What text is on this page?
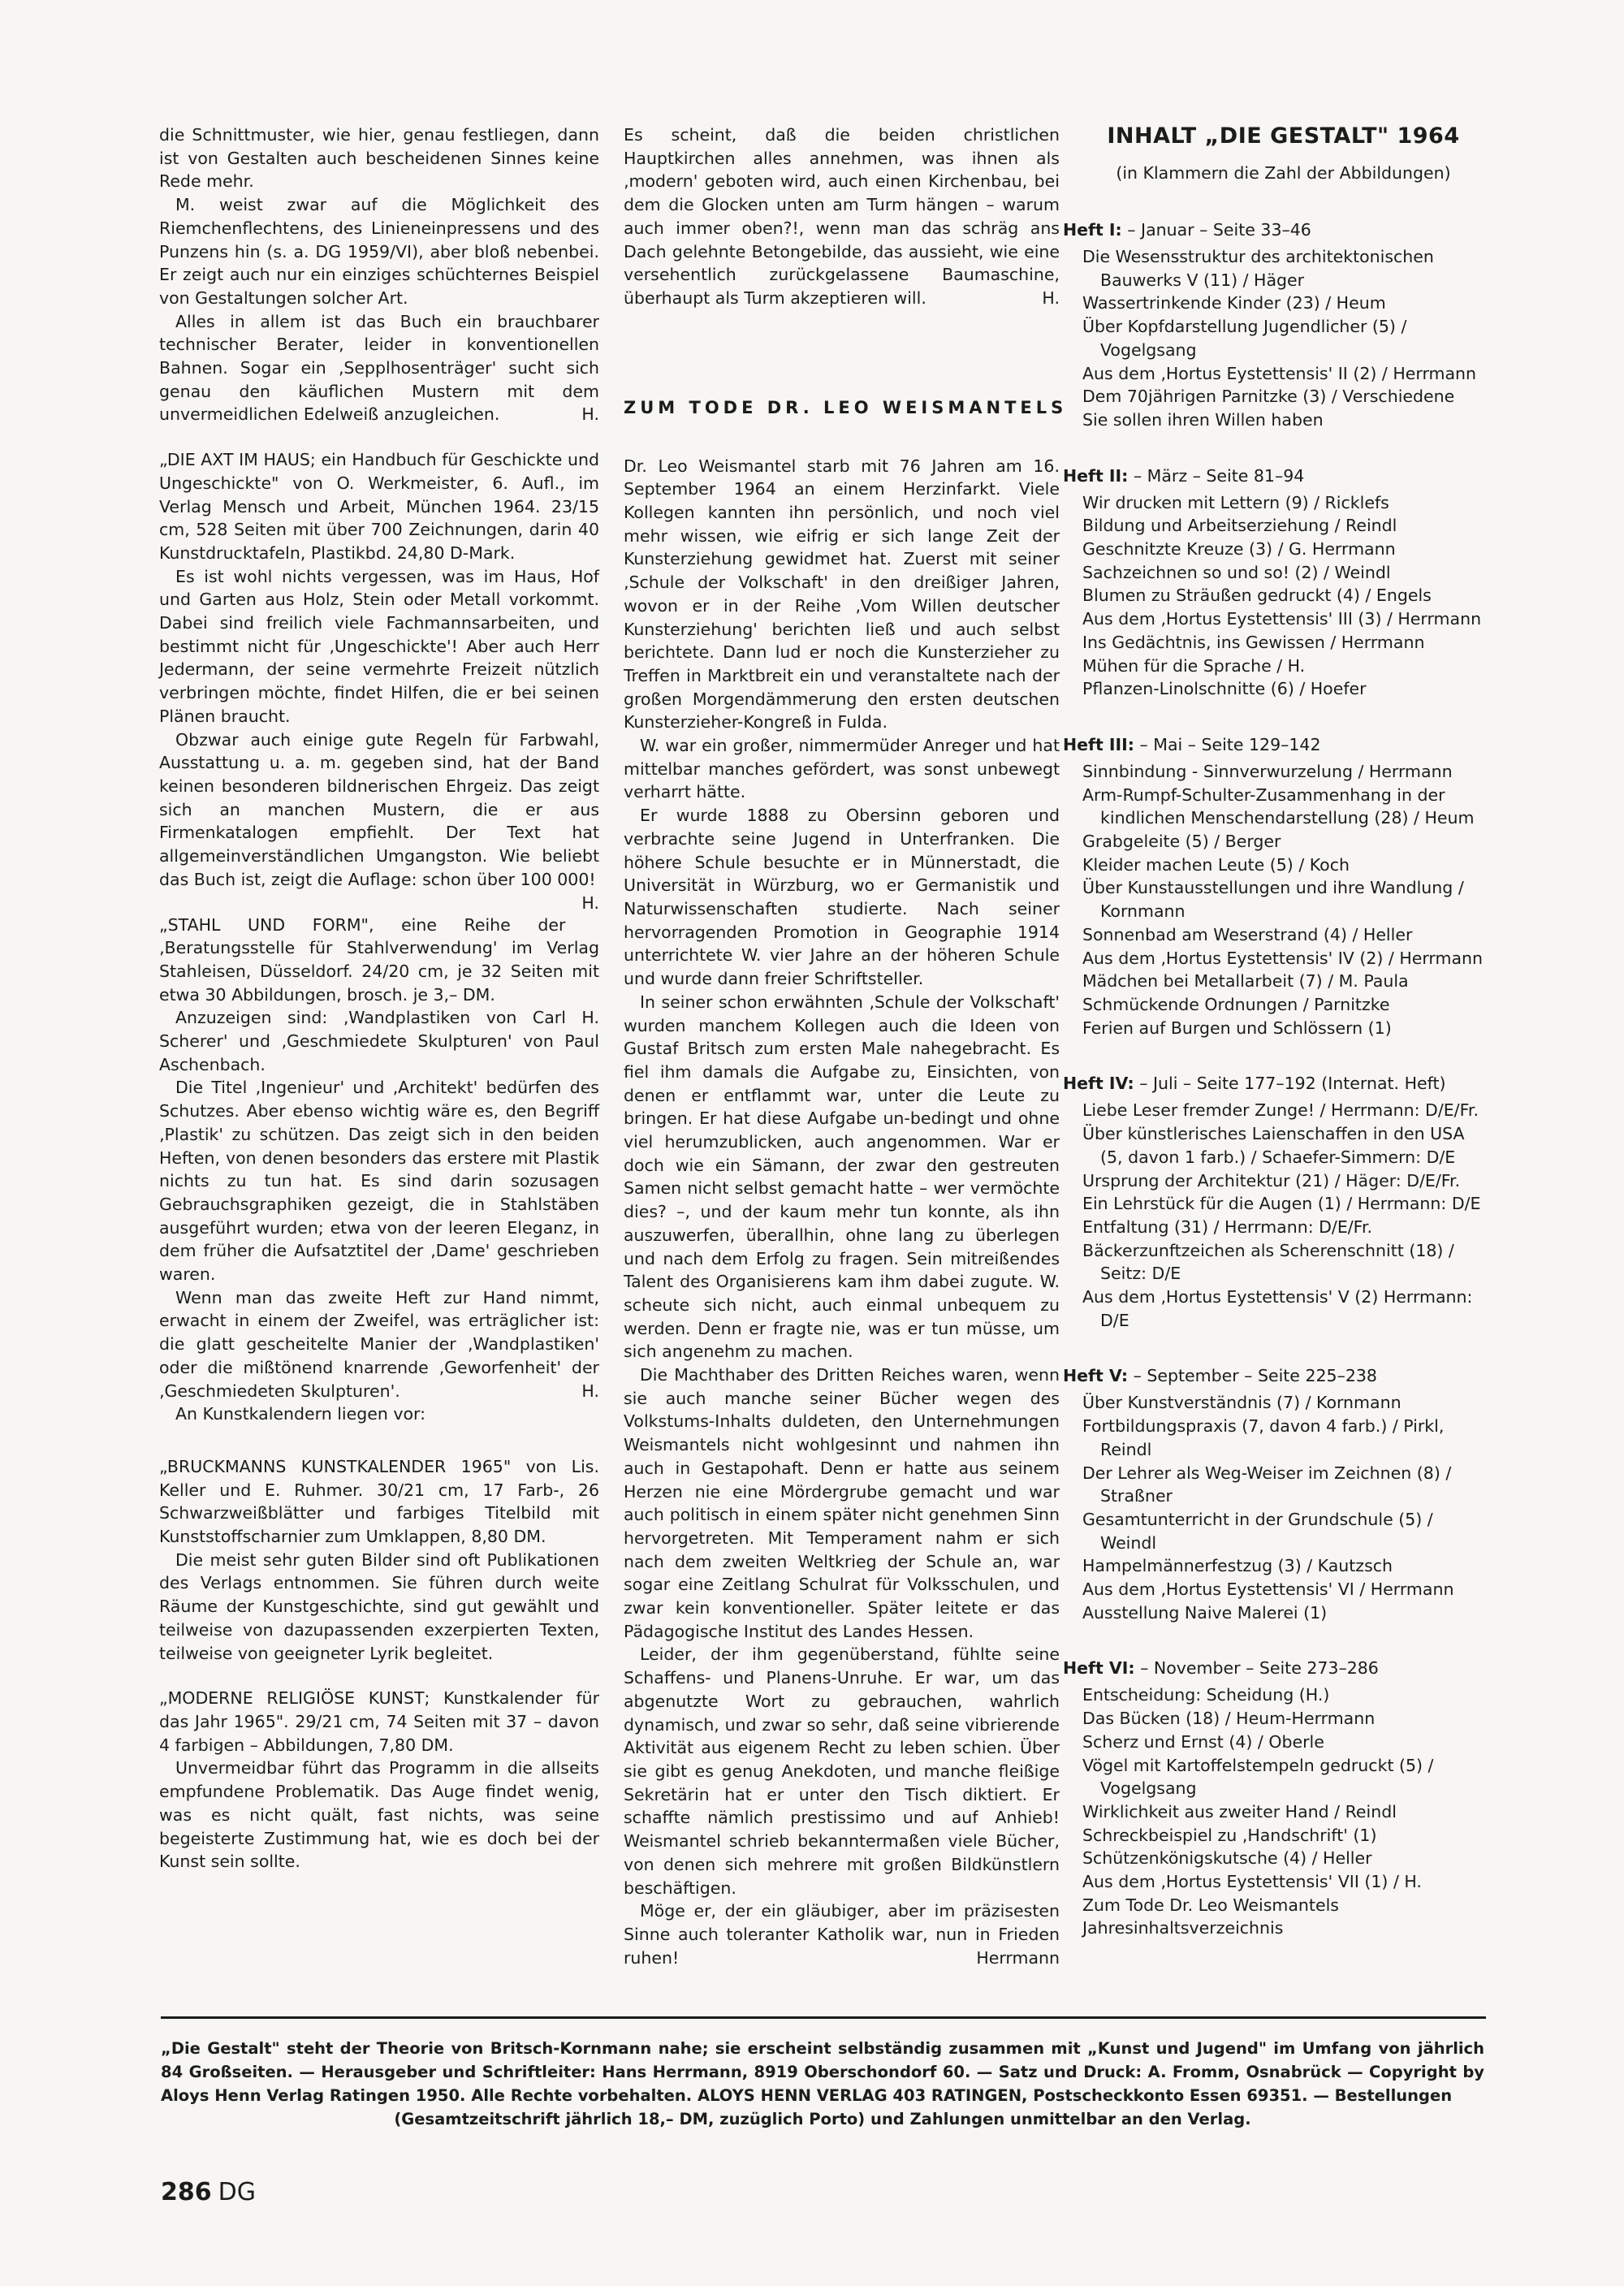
die Schnittmuster, wie hier, genau festliegen, dann ist von Gestalten auch bescheidenen Sinnes keine Rede mehr.

M. weist zwar auf die Möglichkeit des Riemchenflechtens, des Linieneinpressens und des Punzens hin (s. a. DG 1959/VI), aber bloß nebenbei. Er zeigt auch nur ein einziges schüchternes Beispiel von Gestaltungen solcher Art.

Alles in allem ist das Buch ein brauchbarer technischer Berater, leider in konventionellen Bahnen. Sogar ein ‚Sepplhosenträger' sucht sich genau den käuflichen Mustern mit dem unvermeidlichen Edelweiß anzugleichen.	H.

„DIE AXT IM HAUS; ein Handbuch für Geschickte und Ungeschickte" von O. Werkmeister, 6. Aufl., im Verlag Mensch und Arbeit, München 1964. 23/15 cm, 528 Seiten mit über 700 Zeichnungen, darin 40 Kunstdrucktafeln, Plastikbd. 24,80 D-Mark.

Es ist wohl nichts vergessen, was im Haus, Hof und Garten aus Holz, Stein oder Metall vorkommt. Dabei sind freilich viele Fachmannsarbeiten, und bestimmt nicht für ‚Ungeschickte'! Aber auch Herr Jedermann, der seine vermehrte Freizeit nützlich verbringen möchte, findet Hilfen, die er bei seinen Plänen braucht.

Obzwar auch einige gute Regeln für Farbwahl, Ausstattung u. a. m. gegeben sind, hat der Band keinen besonderen bildnerischen Ehrgeiz. Das zeigt sich an manchen Mustern, die er aus Firmenkatalogen empfiehlt. Der Text hat allgemeinverständlichen Umgangston. Wie beliebt das Buch ist, zeigt die Auflage: schon über 100 000!
H.

„STAHL UND FORM", eine Reihe der ‚Beratungsstelle für Stahlverwendung' im Verlag Stahleisen, Düsseldorf. 24/20 cm, je 32 Seiten mit etwa 30 Abbildungen, brosch. je 3,– DM.

Anzuzeigen sind: ‚Wandplastiken von Carl H. Scherer' und ‚Geschmiedete Skulpturen' von Paul Aschenbach.

Die Titel ‚Ingenieur' und ‚Architekt' bedürfen des Schutzes. Aber ebenso wichtig wäre es, den Begriff ‚Plastik' zu schützen. Das zeigt sich in den beiden Heften, von denen besonders das erstere mit Plastik nichts zu tun hat. Es sind darin sozusagen Gebrauchsgraphiken gezeigt, die in Stahlstäben ausgeführt wurden; etwa von der leeren Eleganz, in dem früher die Aufsatztitel der ‚Dame' geschrieben waren.

Wenn man das zweite Heft zur Hand nimmt, erwacht in einem der Zweifel, was erträglicher ist: die glatt gescheitelte Manier der ‚Wandplastiken' oder die mißtönend knarrende ‚Geworfenheit' der ‚Geschmiedeten Skulpturen'.	H.

An Kunstkalendern liegen vor:

„BRUCKMANNS KUNSTKALENDER 1965" von Lis. Keller und E. Ruhmer. 30/21 cm, 17 Farb-, 26 Schwarzweißblätter und farbiges Titelbild mit Kunststoffscharnier zum Umklappen, 8,80 DM.

Die meist sehr guten Bilder sind oft Publikationen des Verlags entnommen. Sie führen durch weite Räume der Kunstgeschichte, sind gut gewählt und teilweise von dazupassenden exzerpierten Texten, teilweise von geeigneter Lyrik begleitet.

„MODERNE RELIGIÖSE KUNST; Kunstkalender für das Jahr 1965". 29/21 cm, 74 Seiten mit 37 – davon 4 farbigen – Abbildungen, 7,80 DM.

Unvermeidbar führt das Programm in die allseits empfundene Problematik. Das Auge findet wenig, was es nicht quält, fast nichts, was seine begeisterte Zustimmung hat, wie es doch bei der Kunst sein sollte.

Es scheint, daß die beiden christlichen Hauptkirchen alles annehmen, was ihnen als ‚modern' geboten wird, auch einen Kirchenbau, bei dem die Glocken unten am Turm hängen – warum auch immer oben?!, wenn man das schräg ans Dach gelehnte Betongebilde, das aussieht, wie eine versehentlich zurückgelassene Baumaschine, überhaupt als Turm akzeptieren will.	H.

ZUM TODE DR. LEO WEISMANTELS

Dr. Leo Weismantel starb mit 76 Jahren am 16. September 1964 an einem Herzinfarkt. Viele Kollegen kannten ihn persönlich, und noch viel mehr wissen, wie eifrig er sich lange Zeit der Kunsterziehung gewidmet hat. Zuerst mit seiner ‚Schule der Volkschaft' in den dreißiger Jahren, wovon er in der Reihe ‚Vom Willen deutscher Kunsterziehung' berichten ließ und auch selbst berichtete. Dann lud er noch die Kunsterzieher zu Treffen in Marktbreit ein und veranstaltete nach der großen Morgendämmerung den ersten deutschen Kunsterzieher-Kongreß in Fulda.

W. war ein großer, nimmermüder Anreger und hat mittelbar manches gefördert, was sonst unbewegt verharrt hätte.

Er wurde 1888 zu Obersinn geboren und verbrachte seine Jugend in Unterfranken. Die höhere Schule besuchte er in Münnerstadt, die Universität in Würzburg, wo er Germanistik und Naturwissenschaften studierte. Nach seiner hervorragenden Promotion in Geographie 1914 unterrichtete W. vier Jahre an der höheren Schule und wurde dann freier Schriftsteller.

In seiner schon erwähnten ‚Schule der Volkschaft' wurden manchem Kollegen auch die Ideen von Gustaf Britsch zum ersten Male nahegebracht. Es fiel ihm damals die Aufgabe zu, Einsichten, von denen er entflammt war, unter die Leute zu bringen. Er hat diese Aufgabe un-bedingt und ohne viel herumzublicken, auch angenommen. War er doch wie ein Sämann, der zwar den gestreuten Samen nicht selbst gemacht hatte – wer vermöchte dies? –, und der kaum mehr tun konnte, als ihn auszuwerfen, überallhin, ohne lang zu überlegen und nach dem Erfolg zu fragen. Sein mitreißendes Talent des Organisierens kam ihm dabei zugute. W. scheute sich nicht, auch einmal unbequem zu werden. Denn er fragte nie, was er tun müsse, um sich angenehm zu machen.

Die Machthaber des Dritten Reiches waren, wenn sie auch manche seiner Bücher wegen des Volkstums-Inhalts duldeten, den Unternehmungen Weismantels nicht wohlgesinnt und nahmen ihn auch in Gestapohaft. Denn er hatte aus seinem Herzen nie eine Mördergrube gemacht und war auch politisch in einem später nicht genehmen Sinn hervorgetreten. Mit Temperament nahm er sich nach dem zweiten Weltkrieg der Schule an, war sogar eine Zeitlang Schulrat für Volksschulen, und zwar kein konventioneller. Später leitete er das Pädagogische Institut des Landes Hessen.

Leider, der ihm gegenüberstand, fühlte seine Schaffens- und Planens-Unruhe. Er war, um das abgenutzte Wort zu gebrauchen, wahrlich dynamisch, und zwar so sehr, daß seine vibrierende Aktivität aus eigenem Recht zu leben schien. Über sie gibt es genug Anekdoten, und manche fleißige Sekretärin hat er unter den Tisch diktiert. Er schaffte nämlich prestissimo und auf Anhieb! Weismantel schrieb bekanntermaßen viele Bücher, von denen sich mehrere mit großen Bildkünstlern beschäftigen.

Möge er, der ein gläubiger, aber im präzisesten Sinne auch toleranter Katholik war, nun in Frieden ruhen!	Herrmann

INHALT „DIE GESTALT" 1964
(in Klammern die Zahl der Abbildungen)
Heft I: – Januar – Seite 33–46
Die Wesensstruktur des architektonischen Bauwerks V (11) / Häger
Wassertrinkende Kinder (23) / Heum
Über Kopfdarstellung Jugendlicher (5) / Vogelgsang
Aus dem ‚Hortus Eystettensis' II (2) / Herrmann
Dem 70jährigen Parnitzke (3) / Verschiedene
Sie sollen ihren Willen haben
Heft II: – März – Seite 81–94
Wir drucken mit Lettern (9) / Ricklefs
Bildung und Arbeitserziehung / Reindl
Geschnitzte Kreuze (3) / G. Herrmann
Sachzeichnen so und so! (2) / Weindl
Blumen zu Sträußen gedruckt (4) / Engels
Aus dem ‚Hortus Eystettensis' III (3) / Herrmann
Ins Gedächtnis, ins Gewissen / Herrmann
Mühen für die Sprache / H.
Pflanzen-Linolschnitte (6) / Hoefer
Heft III: – Mai – Seite 129–142
Sinnbindung - Sinnverwurzelung / Herrmann
Arm-Rumpf-Schulter-Zusammenhang in der kindlichen Menschendarstellung (28) / Heum
Grabgeleite (5) / Berger
Kleider machen Leute (5) / Koch
Über Kunstausstellungen und ihre Wandlung / Kornmann
Sonnenbad am Weserstrand (4) / Heller
Aus dem ‚Hortus Eystettensis' IV (2) / Herrmann
Mädchen bei Metallarbeit (7) / M. Paula
Schmückende Ordnungen / Parnitzke
Ferien auf Burgen und Schlössern (1)
Heft IV: – Juli – Seite 177–192 (Internat. Heft)
Liebe Leser fremder Zunge! / Herrmann: D/E/Fr.
Über künstlerisches Laienschaffen in den USA (5, davon 1 farb.) / Schaefer-Simmern: D/E
Ursprung der Architektur (21) / Häger: D/E/Fr.
Ein Lehrstück für die Augen (1) / Herrmann: D/E
Entfaltung (31) / Herrmann: D/E/Fr.
Bäckerzunftzeichen als Scherenschnitt (18) / Seitz: D/E
Aus dem ‚Hortus Eystettensis' V (2) Herrmann: D/E
Heft V: – September – Seite 225–238
Über Kunstverständnis (7) / Kornmann
Fortbildungspraxis (7, davon 4 farb.) / Pirkl, Reindl
Der Lehrer als Weg-Weiser im Zeichnen (8) / Straßner
Gesamtunterricht in der Grundschule (5) / Weindl
Hampelmännerfestzug (3) / Kautzsch
Aus dem ‚Hortus Eystettensis' VI / Herrmann
Ausstellung Naive Malerei (1)
Heft VI: – November – Seite 273–286
Entscheidung: Scheidung (H.)
Das Bücken (18) / Heum-Herrmann
Scherz und Ernst (4) / Oberle
Vögel mit Kartoffelstempeln gedruckt (5) / Vogelgsang
Wirklichkeit aus zweiter Hand / Reindl
Schreckbeispiel zu ‚Handschrift' (1)
Schützenkönigskutsche (4) / Heller
Aus dem ‚Hortus Eystettensis' VII (1) / H.
Zum Tode Dr. Leo Weismantels
Jahresinhaltsverzeichnis
„Die Gestalt" steht der Theorie von Britsch-Kornmann nahe; sie erscheint selbständig zusammen mit „Kunst und Jugend" im Umfang von jährlich 84 Großseiten. — Herausgeber und Schriftleiter: Hans Herrmann, 8919 Oberschondorf 60. — Satz und Druck: A. Fromm, Osnabrück — Copyright by Aloys Henn Verlag Ratingen 1950. Alle Rechte vorbehalten. ALOYS HENN VERLAG 403 RATINGEN, Postscheckkonto Essen 69351. — Bestellungen
(Gesamtzeitschrift jährlich 18,– DM, zuzüglich Porto) und Zahlungen unmittelbar an den Verlag.
286 DG
